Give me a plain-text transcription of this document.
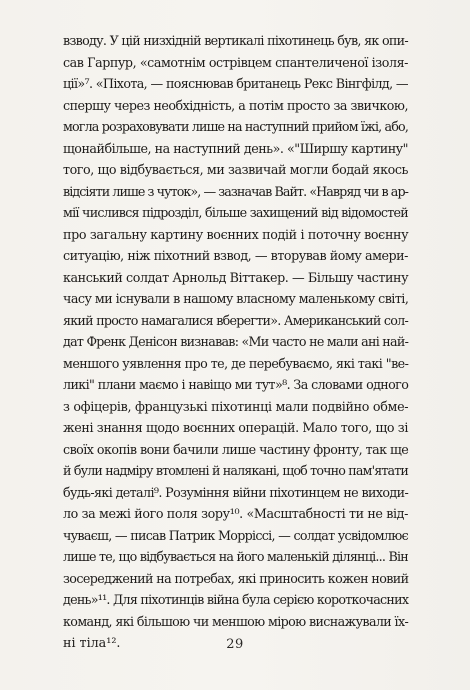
взводу. У цій низхідній вертикалі піхотинець був, як опи-
сав Гарпур, «самотнім острівцем спантеличеної ізоля-
ції»⁷. «Піхота, — пояснював британець Рекс Вінгфілд, —
спершу через необхідність, а потім просто за звичкою,
могла розраховувати лише на наступний прийом їжі, або,
щонайбільше, на наступний день». «"Ширшу картину"
того, що відбувається, ми зазвичай могли бодай якось
відсіяти лише з чуток», — зазначав Вайт. «Навряд чи в ар-
мії числився підрозділ, більше захищений від відомостей
про загальну картину воєнних подій і поточну воєнну
ситуацію, ніж піхотний взвод, — вторував йому амери-
канський солдат Арнольд Віттакер. — Більшу частину
часу ми існували в нашому власному маленькому світі,
який просто намагалися вберегти». Американський сол-
дат Френк Денісон визнавав: «Ми часто не мали ані най-
меншого уявлення про те, де перебуваємо, які такі "ве-
ликі" плани маємо і навіщо ми тут»⁸. За словами одного
з офіцерів, французькі піхотинці мали подвійно обме-
жені знання щодо воєнних операцій. Мало того, що зі
своїх окопів вони бачили лише частину фронту, так ще
й були надміру втомлені й налякані, щоб точно пам'ятати
будь-які деталі⁹. Розуміння війни піхотинцем не виходи-
ло за межі його поля зору¹⁰. «Масштабності ти не від-
чуваєш, — писав Патрик Морріссі, — солдат усвідомлює
лише те, що відбувається на його маленькій ділянці... Він
зосереджений на потребах, які приносить кожен новий
день»¹¹. Для піхотинців війна була серією короткочасних
команд, які більшою чи меншою мірою виснажували їх-
ні тіла¹².	29
